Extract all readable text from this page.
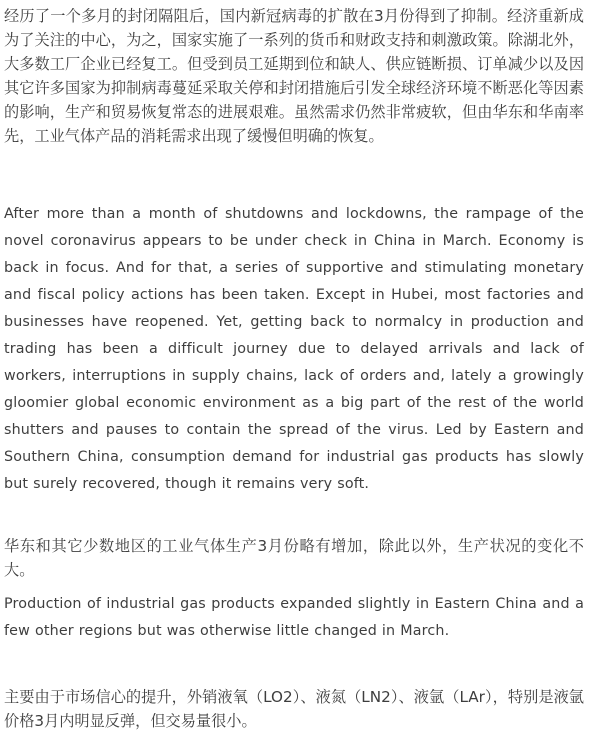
经历了一个多月的封闭隔阻后，国内新冠病毒的扩散在3月份得到了抑制。经济重新成为了关注的中心，为之，国家实施了一系列的货币和财政支持和刺激政策。除湖北外，大多数工厂企业已经复工。但受到员工延期到位和缺人、供应链断损、订单减少以及因其它许多国家为抑制病毒蔓延采取关停和封闭措施后引发全球经济环境不断恶化等因素的影响，生产和贸易恢复常态的进展艰难。虽然需求仍然非常疲软，但由华东和华南率先，工业气体产品的消耗需求出现了缓慢但明确的恢复。

After more than a month of shutdowns and lockdowns, the rampage of the novel coronavirus appears to be under check in China in March. Economy is back in focus. And for that, a series of supportive and stimulating monetary and fiscal policy actions has been taken. Except in Hubei, most factories and businesses have reopened. Yet, getting back to normalcy in production and trading has been a difficult journey due to delayed arrivals and lack of workers, interruptions in supply chains, lack of orders and, lately a growingly gloomier global economic environment as a big part of the rest of the world shutters and pauses to contain the spread of the virus. Led by Eastern and Southern China, consumption demand for industrial gas products has slowly but surely recovered, though it remains very soft.

华东和其它少数地区的工业气体生产3月份略有增加，除此以外，生产状况的变化不大。

Production of industrial gas products expanded slightly in Eastern China and a few other regions but was otherwise little changed in March.

主要由于市场信心的提升，外销液氧（LO2）、液氮（LN2）、液氩（LAr），特别是液氩价格3月内明显反弹，但交易量很小。
